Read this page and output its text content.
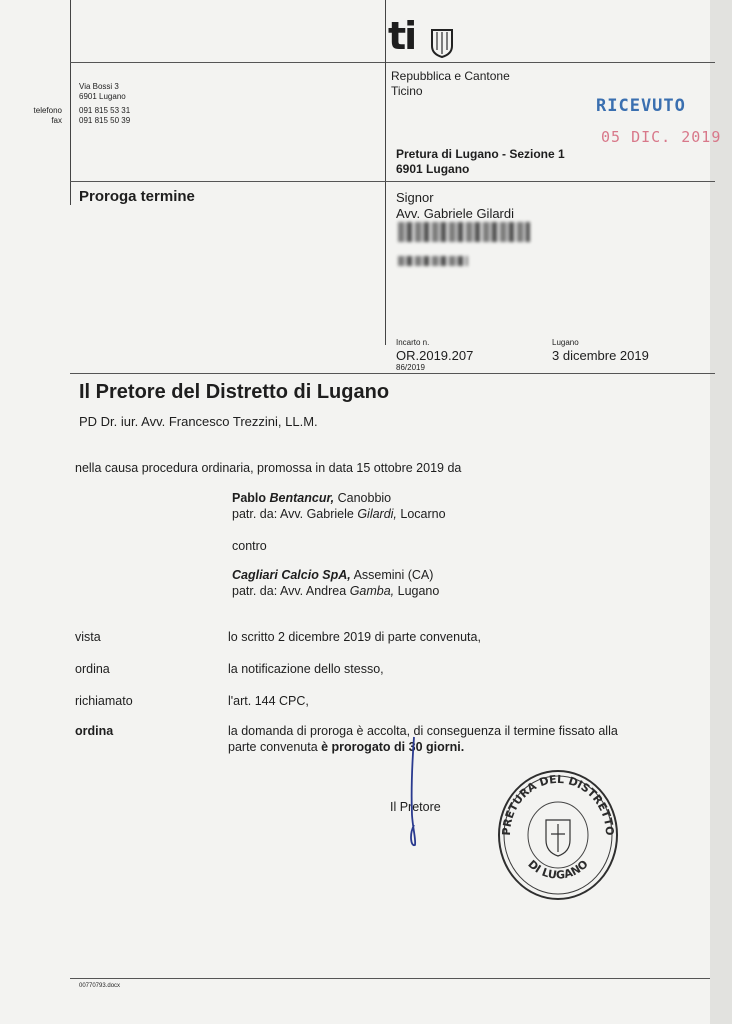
ti
Via Bossi 3
6901 Lugano
telefono
fax
091 815 53 31
091 815 50 39
Repubblica e Cantone
Ticino
RICEVUTO
05 DIC. 2019
Pretura di Lugano - Sezione 1
6901 Lugano
Proroga termine	Signor
Avv. Gabriele Gilardi
Incarto n.
OR.2019.207
86/2019
Lugano
3 dicembre 2019
Il Pretore del Distretto di Lugano
PD Dr. iur. Avv. Francesco Trezzini, LL.M.
nella causa procedura ordinaria, promossa in data 15 ottobre 2019 da
Pablo Bentancur, Canobbio
patr. da: Avv. Gabriele Gilardi, Locarno
contro
Cagliari Calcio SpA, Assemini (CA)
patr. da: Avv. Andrea Gamba, Lugano
vista	lo scritto 2 dicembre 2019 di parte convenuta,
ordina	la notificazione dello stesso,
richiamato	l'art. 144 CPC,
ordina	la domanda di proroga è accolta, di conseguenza il termine fissato alla
parte convenuta è prorogato di 30 giorni.
Il Pretore
PRETURA DEL DISTRETTO
DI LUGANO
00770793.docx
